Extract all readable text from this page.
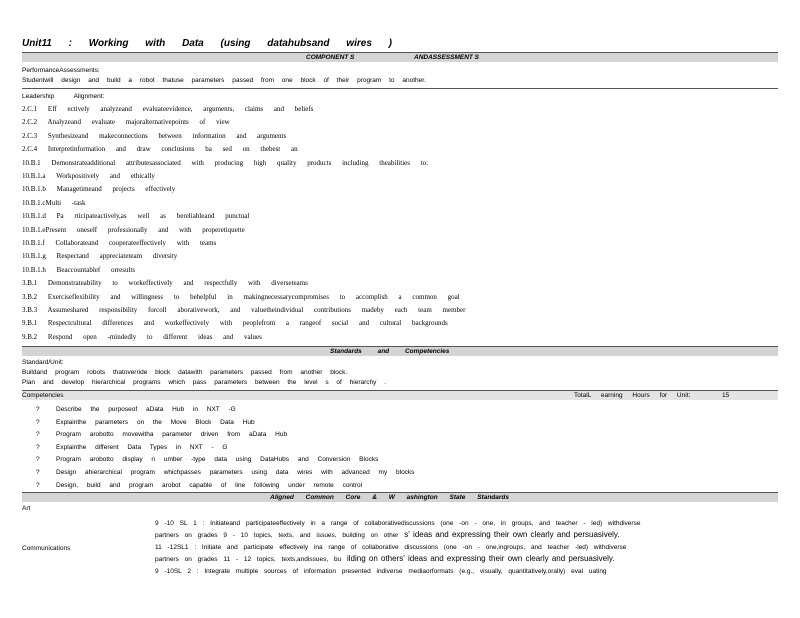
Unit11 : Working with Data (using datahubsand wires )
COMPONENT S	ANDASSESSMENT S
PerformanceAssessments:
Studentwill design and build a robot thatuse parameters passed from one block of their program to another.
Leadership Alignment:
2.C.1 Eff ectively analyzeand evaluateevidence, arguments, claims and beliefs
2.C.2 Analyzeand evaluate majoralternativepoints of view
2.C.3 Synthesizeand makeconnections between information and arguments
2.C.4 Interpretinformation and draw conclusions ba sed on thebest an
10.B.1 Demonstrateadditional attributesassociated with producing high quality products including theabilities to:
10.B.1.a Workpositively and ethically
10.B.1.b Managetimeand projects effectively
10.B.1.cMulti -task
10.B.1.d Pa rticipateactively,as well as bereliableand punctual
10.B.1.ePresent oneself professionally and with properetiquette
10.B.1.f Collaborateand cooperateeffectively with teams
10.B.1.g Respectand appreciateteam diversity
10.B.1.h Beaccountablef orresults
3.B.1 Demonstrateability to workeffectively and respectfully with diverseteams
3.B.2 Exerciseflexibility and willingness to behelpful in makingnecessarycompromises to accomplish a common goal
3.B.3 Assumeshared responsibility forcoll aborativework, and valuetheindividual contributions madeby each team member
9.B.1 Respectcultural differences and workeffectively with peoplefrom a rangeof social and cultural backgrounds
9.B.2 Respond open -mindedly to different ideas and values
Standards and Competencies
Standard/Unit:
Buildand program robots thatoverride block datawith parameters passed from another block.
Plan and develop hierarchical programs which pass parameters between the level s of hierarchy .
Competencies	TotalL earning Hours for Unit:	15
?	Describe the purposeof aData Hub in NXT -G
?	Explainthe parameters on the Move Block Data Hub
?	Program arobotto movewitha parameter driven from aData Hub
?	Explainthe different Data Types in NXT - G
?	Program arobotto display n umber -type data using DataHubs and Conversion Blocks
?	Design ahierarchical program whichpasses parameters using data wires with advanced my blocks
?	Design, build and program arobot capable of line following under remote control
Aligned Common Core & W ashington State Standards
Art
Communications
9 -10 SL 1 : Initiateand participateeffectively in a range of collaborativediscussions (one -on - one, in groups, and teacher - led) withdiverse
partners on grades 9 - 10 topics, texts, and issues, building on other s' ideas and expressing their own clearly and persuasively.
11 -12SL1 : Initiate and participate effectively ina range of collaborative discussions (one -on - one,ingroups, and teacher -led) withdiverse
partners on grades 11 - 12 topics, texts,andissues, bu ilding on others' ideas and expressing their own clearly and persuasively.
9 -10SL 2 : Integrate multiple sources of information presented indiverse mediaorformats (e.g., visually, quantitatively,orally) eval uating
